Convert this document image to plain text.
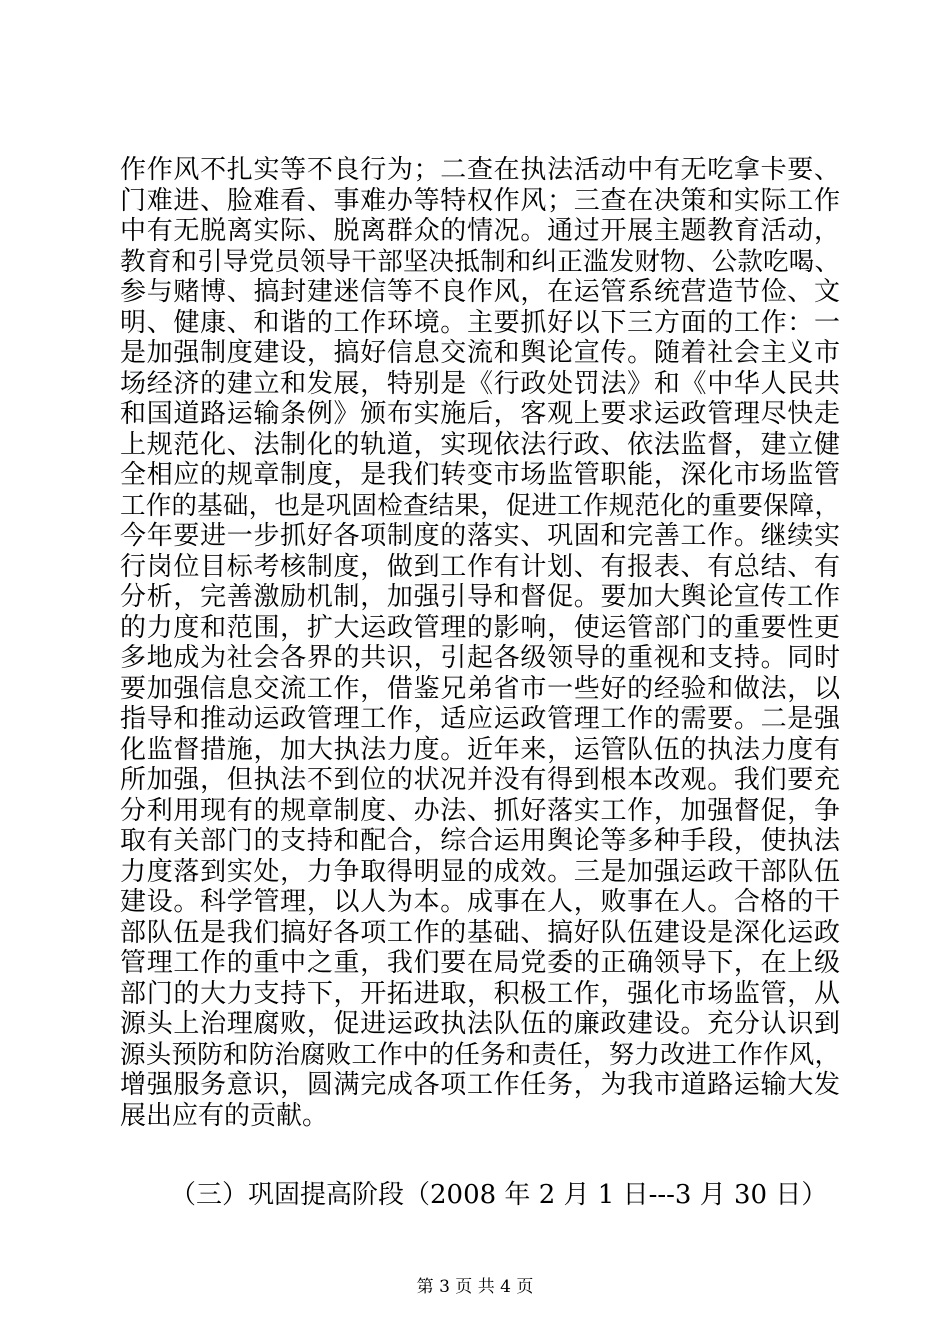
作作风不扎实等不良行为；二查在执法活动中有无吃拿卡要、
门难进、脸难看、事难办等特权作风；三查在决策和实际工作
中有无脱离实际、脱离群众的情况。通过开展主题教育活动，
教育和引导党员领导干部坚决抵制和纠正滥发财物、公款吃喝、
参与赌博、搞封建迷信等不良作风，在运管系统营造节俭、文
明、健康、和谐的工作环境。主要抓好以下三方面的工作：一
是加强制度建设，搞好信息交流和舆论宣传。随着社会主义市
场经济的建立和发展，特别是《行政处罚法》和《中华人民共
和国道路运输条例》颁布实施后，客观上要求运政管理尽快走
上规范化、法制化的轨道，实现依法行政、依法监督，建立健
全相应的规章制度，是我们转变市场监管职能，深化市场监管
工作的基础，也是巩固检查结果，促进工作规范化的重要保障，
今年要进一步抓好各项制度的落实、巩固和完善工作。继续实
行岗位目标考核制度，做到工作有计划、有报表、有总结、有
分析，完善激励机制，加强引导和督促。要加大舆论宣传工作
的力度和范围，扩大运政管理的影响，使运管部门的重要性更
多地成为社会各界的共识，引起各级领导的重视和支持。同时
要加强信息交流工作，借鉴兄弟省市一些好的经验和做法，以
指导和推动运政管理工作，适应运政管理工作的需要。二是强
化监督措施，加大执法力度。近年来，运管队伍的执法力度有
所加强，但执法不到位的状况并没有得到根本改观。我们要充
分利用现有的规章制度、办法、抓好落实工作，加强督促，争
取有关部门的支持和配合，综合运用舆论等多种手段，使执法
力度落到实处，力争取得明显的成效。三是加强运政干部队伍
建设。科学管理，以人为本。成事在人，败事在人。合格的干
部队伍是我们搞好各项工作的基础、搞好队伍建设是深化运政
管理工作的重中之重，我们要在局党委的正确领导下，在上级
部门的大力支持下，开拓进取，积极工作，强化市场监管，从
源头上治理腐败，促进运政执法队伍的廉政建设。充分认识到
源头预防和防治腐败工作中的任务和责任，努力改进工作作风，
增强服务意识，圆满完成各项工作任务，为我市道路运输大发
展出应有的贡献。
（三）巩固提高阶段（2008 年 2 月 1 日---3 月 30 日）
第 3 页 共 4 页
